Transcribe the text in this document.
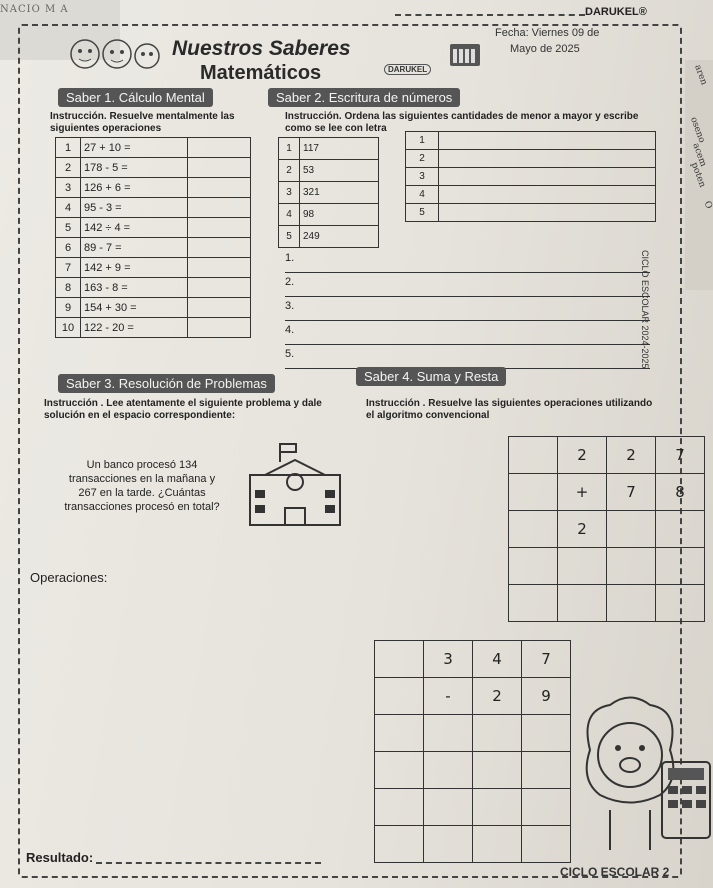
NACIO M A
aren
oseno
acem
poten
O
DARUKEL®
Nuestros Saberes
Matemáticos	DARUKEL
Fecha: Viernes 09 de
Mayo de 2025
Saber 1. Cálculo Mental
Instrucción. Resuelve mentalmente las siguientes operaciones
1	27 + 10 =	
2	178 - 5 =	
3	126 + 6 =	
4	95 - 3 =	
5	142 ÷ 4 =	
6	89 - 7 =	
7	142 + 9 =	
8	163 - 8 =	
9	154 + 30 =	
10	122 - 20 =	
Saber 2. Escritura de números
Instrucción. Ordena las siguientes cantidades de menor a mayor y escribe como se lee con letra
1	117
2	53
3	321
4	98
5	249
1	
2	
3	
4	
5	
1.
2.
3.
4.
5.
Saber 3. Resolución de Problemas
Instrucción . Lee atentamente el siguiente problema y dale solución en el espacio correspondiente:
Un banco procesó 134 transacciones en la mañana y 267 en la tarde. ¿Cuántas transacciones procesó en total?
Operaciones:
Resultado:
Saber 4. Suma y Resta
Instrucción . Resuelve las siguientes operaciones utilizando el algoritmo convencional
	2	2	7
	+	7	8
	2		

	3	4	7
	-	2	9

CICLO ESCOLAR 2024-2025
CICLO ESCOLAR 2
